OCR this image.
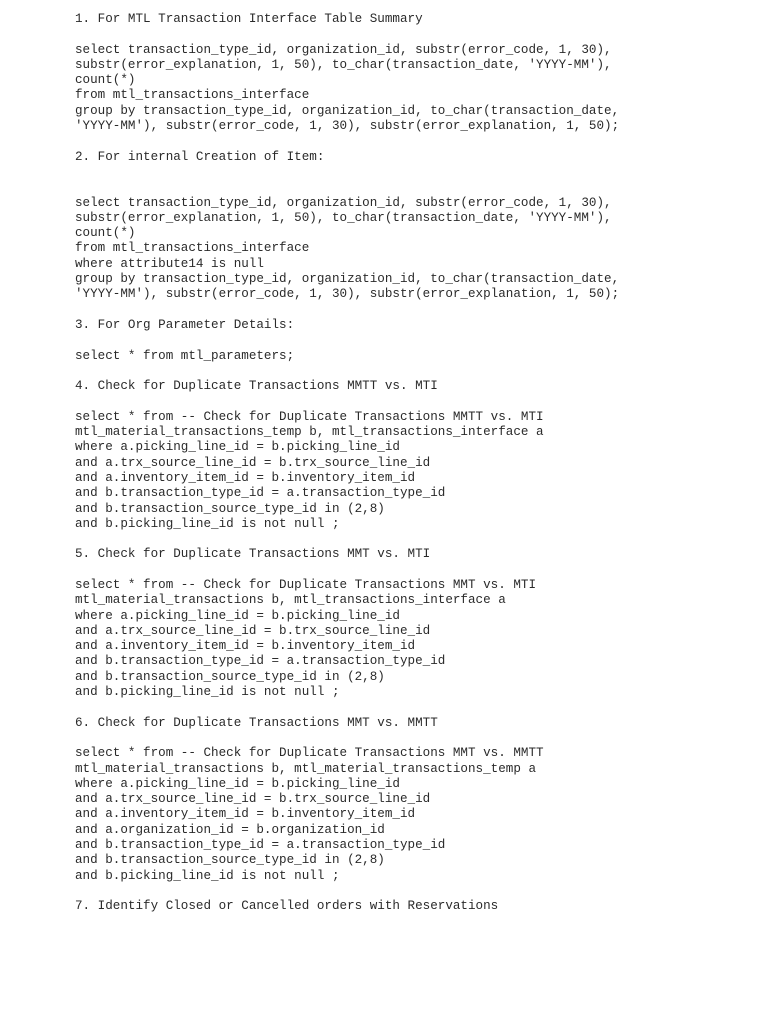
1. For MTL Transaction Interface Table Summary
select transaction_type_id, organization_id, substr(error_code, 1, 30),
substr(error_explanation, 1, 50), to_char(transaction_date, 'YYYY-MM'),
count(*)
from mtl_transactions_interface
group by transaction_type_id, organization_id, to_char(transaction_date,
'YYYY-MM'), substr(error_code, 1, 30), substr(error_explanation, 1, 50);
2. For internal Creation of Item:
select transaction_type_id, organization_id, substr(error_code, 1, 30),
substr(error_explanation, 1, 50), to_char(transaction_date, 'YYYY-MM'),
count(*)
from mtl_transactions_interface
where attribute14 is null
group by transaction_type_id, organization_id, to_char(transaction_date,
'YYYY-MM'), substr(error_code, 1, 30), substr(error_explanation, 1, 50);
3. For Org Parameter Details:
select * from mtl_parameters;
4. Check for Duplicate Transactions MMTT vs. MTI
select * from -- Check for Duplicate Transactions MMTT vs. MTI
mtl_material_transactions_temp b, mtl_transactions_interface a
where a.picking_line_id = b.picking_line_id
and a.trx_source_line_id = b.trx_source_line_id
and a.inventory_item_id = b.inventory_item_id
and b.transaction_type_id = a.transaction_type_id
and b.transaction_source_type_id in (2,8)
and b.picking_line_id is not null ;
5. Check for Duplicate Transactions MMT vs. MTI
select * from -- Check for Duplicate Transactions MMT vs. MTI
mtl_material_transactions b, mtl_transactions_interface a
where a.picking_line_id = b.picking_line_id
and a.trx_source_line_id = b.trx_source_line_id
and a.inventory_item_id = b.inventory_item_id
and b.transaction_type_id = a.transaction_type_id
and b.transaction_source_type_id in (2,8)
and b.picking_line_id is not null ;
6. Check for Duplicate Transactions MMT vs. MMTT
select * from -- Check for Duplicate Transactions MMT vs. MMTT
mtl_material_transactions b, mtl_material_transactions_temp a
where a.picking_line_id = b.picking_line_id
and a.trx_source_line_id = b.trx_source_line_id
and a.inventory_item_id = b.inventory_item_id
and a.organization_id = b.organization_id
and b.transaction_type_id = a.transaction_type_id
and b.transaction_source_type_id in (2,8)
and b.picking_line_id is not null ;
7. Identify Closed or Cancelled orders with Reservations
